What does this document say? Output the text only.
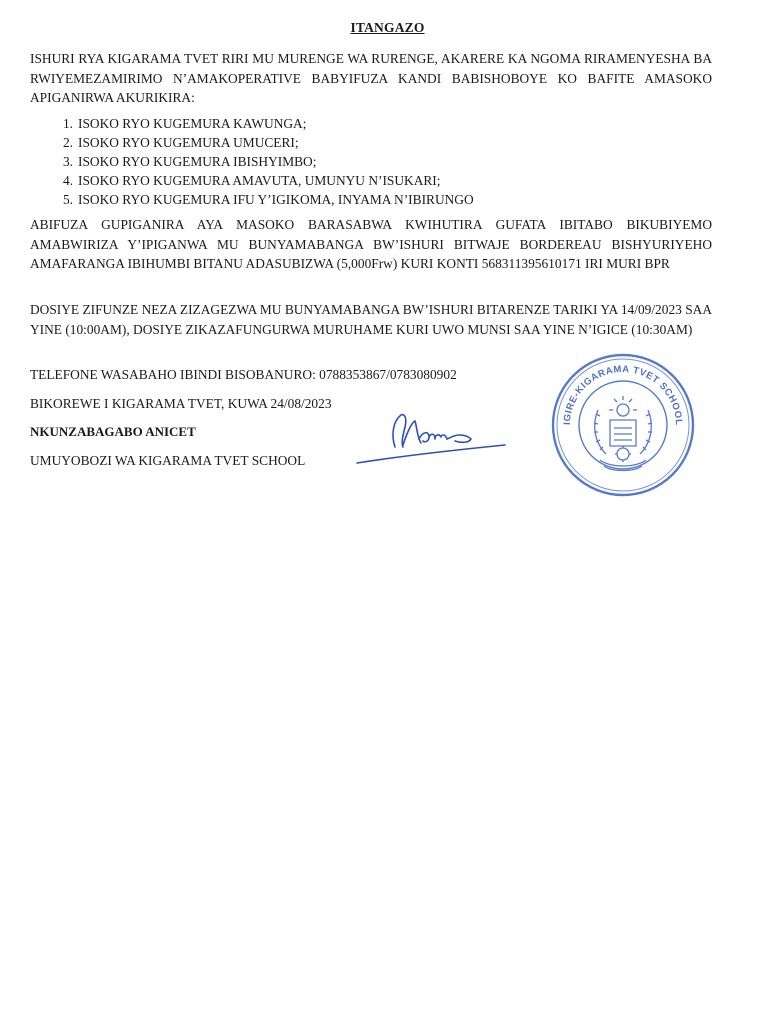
ITANGAZO

ISHURI RYA KIGARAMA TVET RIRI MU MURENGE WA RURENGE, AKARERE KA NGOMA RIRAMENYESHA BA RWIYEMEZAMIRIMO N’AMAKOPERATIVE BABYIFUZA KANDI BABISHOBOYE KO BAFITE AMASOKO APIGANIRWA AKURIKIRA:

1. ISOKO RYO KUGEMURA KAWUNGA;
2. ISOKO RYO KUGEMURA UMUCERI;
3. ISOKO RYO KUGEMURA IBISHYIMBO;
4. ISOKO RYO KUGEMURA AMAVUTA, UMUNYU N’ISUKARI;
5. ISOKO RYO KUGEMURA IFU Y’IGIKOMA, INYAMA N’IBIRUNGO

ABIFUZA GUPIGANIRA AYA MASOKO BARASABWA KWIHUTIRA GUFATA IBITABO BIKUBIYEMO AMABWIRIZA Y’IPIGANWA MU BUNYAMABANGA BW’ISHURI BITWAJE BORDEREAU BISHYURIYEHO AMAFARANGA IBIHUMBI BITANU ADASUBIZWA (5,000Frw) KURI KONTI 568311395610171 IRI MURI BPR

DOSIYE ZIFUNZE NEZA ZIZAGEZWA MU BUNYAMABANGA BW’ISHURI BITARENZE TARIKI YA 14/09/2023 SAA YINE (10:00AM), DOSIYE ZIKAZAFUNGURWA MURUHAME KURI UWO MUNSI SAA YINE N’IGICE (10:30AM)

TELEFONE WASABAHO IBINDI BISOBANURO: 0788353867/0783080902

BIKOREWE I KIGARAMA TVET, KUWA 24/08/2023

NKUNZABAGABO ANICET

UMUYOBOZI WA KIGARAMA TVET SCHOOL

IGIRE-KIGARAMA TVET SCHOOL
